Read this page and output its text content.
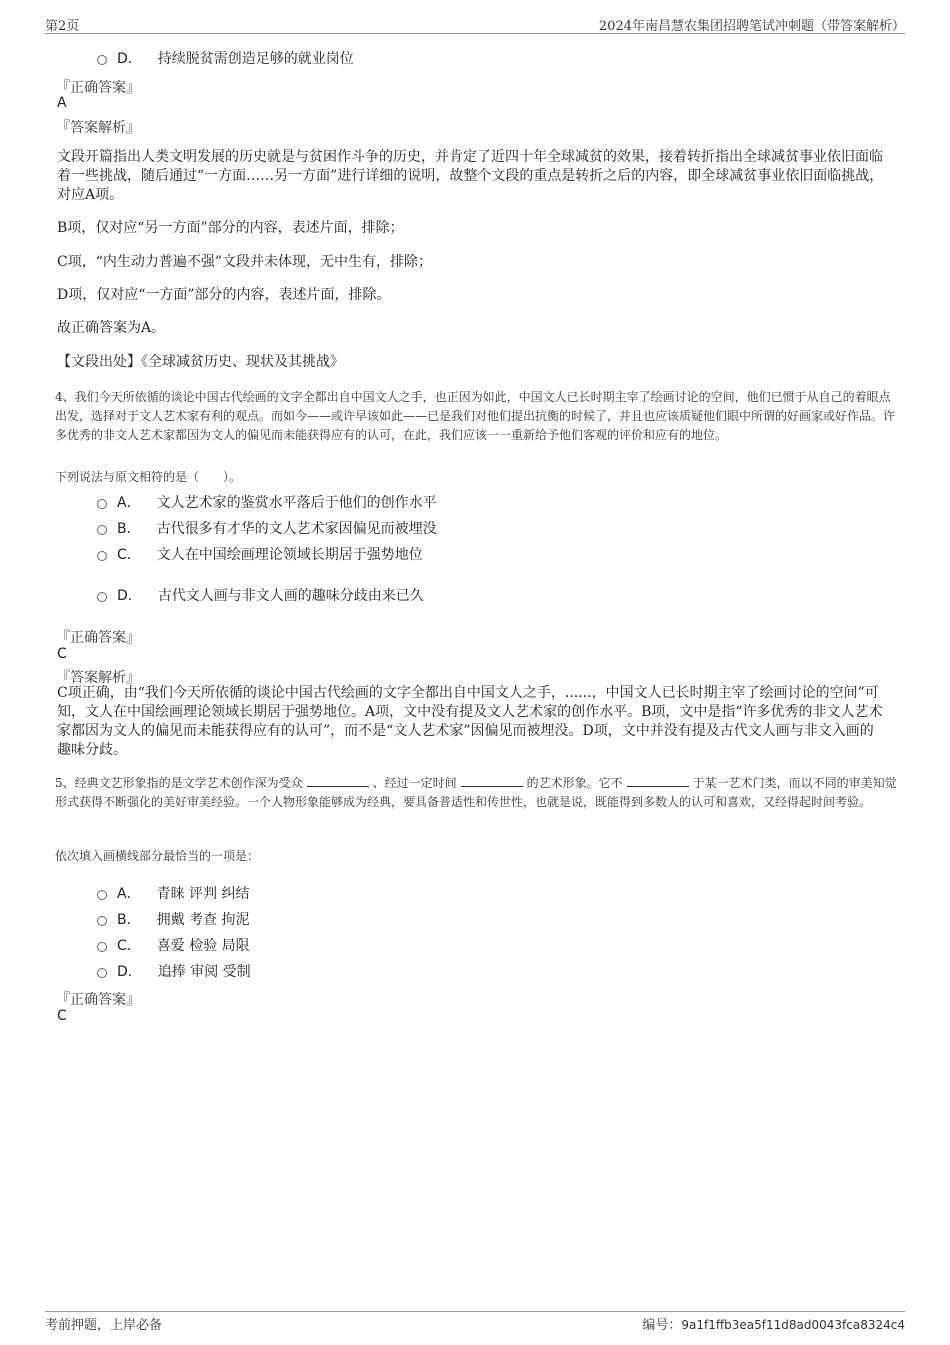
第2页	2024年南昌慧农集团招聘笔试冲刺题（带答案解析）
D． 持续脱贫需创造足够的就业岗位
『正确答案』
A
『答案解析』
文段开篇指出人类文明发展的历史就是与贫困作斗争的历史，并肯定了近四十年全球减贫的效果，接着转折指出全球减贫事业依旧面临着一些挑战，随后通过“一方面……另一方面”进行详细的说明，故整个文段的重点是转折之后的内容，即全球减贫事业依旧面临挑战，对应A项。
B项，仅对应“另一方面”部分的内容，表述片面，排除；
C项，“内生动力普遍不强”文段并未体现，无中生有，排除；
D项，仅对应“一方面”部分的内容，表述片面，排除。
故正确答案为A。
【文段出处】《全球减贫历史、现状及其挑战》
4、我们今天所依循的谈论中国古代绘画的文字全都出自中国文人之手，也正因为如此，中国文人已长时期主宰了绘画讨论的空间，他们已惯于从自己的着眼点出发，选择对于文人艺术家有利的观点。而如今——或许早该如此——已是我们对他们提出抗衡的时候了，并且也应该质疑他们眼中所谓的好画家或好作品。许多优秀的非文人艺术家都因为文人的偏见而未能获得应有的认可，在此，我们应该一一重新给予他们客观的评价和应有的地位。
下列说法与原文相符的是（　　）。
A． 文人艺术家的鉴赏水平落后于他们的创作水平
B． 古代很多有才华的文人艺术家因偏见而被埋没
C． 文人在中国绘画理论领域长期居于强势地位
D． 古代文人画与非文人画的趣味分歧由来已久
『正确答案』
C
『答案解析』
C项正确，由“我们今天所依循的谈论中国古代绘画的文字全都出自中国文人之手，......，中国文人已长时期主宰了绘画讨论的空间”可知，文人在中国绘画理论领域长期居于强势地位。A项，文中没有提及文人艺术家的创作水平。B项，文中是指“许多优秀的非文人艺术家都因为文人的偏见而未能获得应有的认可”，而不是“文人艺术家”因偏见而被埋没。D项，文中并没有提及古代文人画与非文入画的趣味分歧。
5、经典文艺形象指的是文学艺术创作深为受众	、经过一定时间	的艺术形象。它不	于某一艺术门类，而以不同的审美知觉形式获得不断强化的美好审美经验。一个人物形象能够成为经典，要具备普适性和传世性，也就是说，既能得到多数人的认可和喜欢，又经得起时间考验。
依次填入画横线部分最恰当的一项是：
A． 青睐 评判 纠结
B． 拥戴 考查 拘泥
C． 喜爱 检验 局限
D． 追捧 审阅 受制
『正确答案』
C
考前押题，上岸必备	编号：9a1f1ffb3ea5f11d8ad0043fca8324c4
